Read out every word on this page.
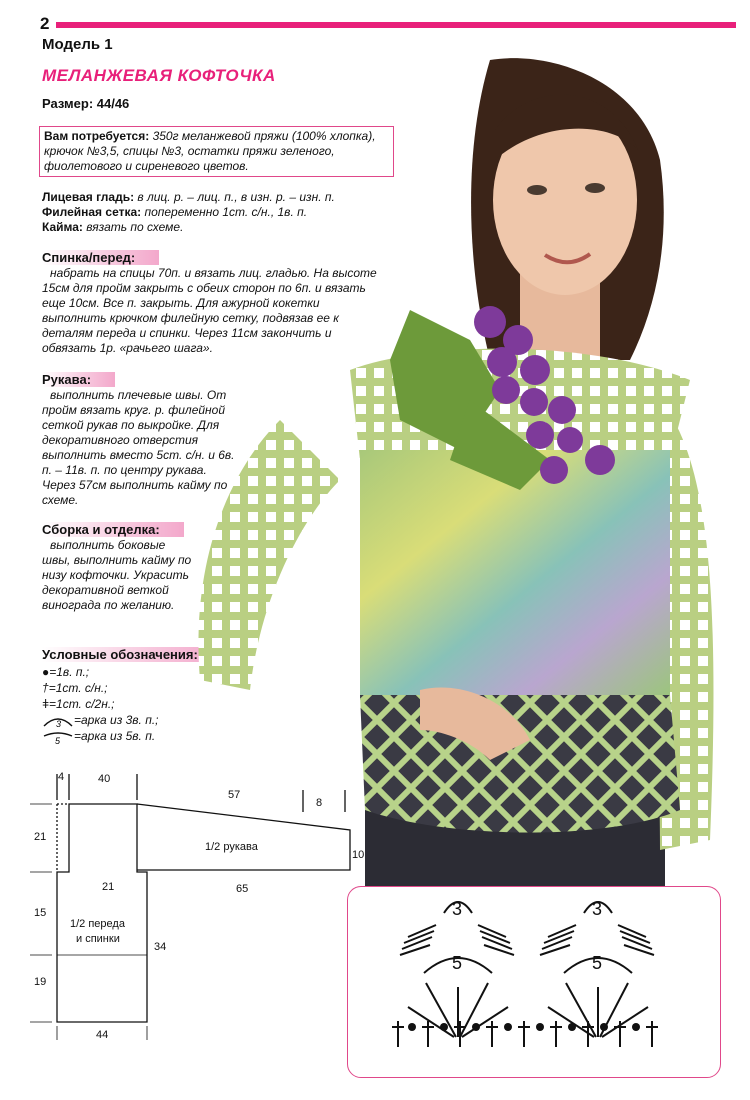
2
Модель 1
МЕЛАНЖЕВАЯ КОФТОЧКА
Размер: 44/46
Вам потребуется: 350г меланжевой пряжи (100% хлопка), крючок №3,5, спицы №3, остатки пряжи зеленого, фиолетового и сиреневого цветов.
Лицевая гладь: в лиц. р. – лиц. п., в изн. р. – изн. п.
Филейная сетка: попеременно 1ст. с/н., 1в. п.
Кайма: вязать по схеме.
Спинка/перед:
набрать на спицы 70п. и вязать лиц. гладью. На высоте 15см для пройм закрыть с обеих сторон по 6п. и вязать еще 10см. Все п. закрыть. Для ажурной кокетки выполнить крючком филейную сетку, подвязав ее к деталям переда и спинки. Через 11см закончить и обвязать 1р. «рачьего шага».
Рукава:
выполнить плечевые швы. От пройм вязать круг. р. филейной сеткой рукав по выкройке. Для декоративного отверстия выполнить вместо 5ст. с/н. и 6в. п. – 11в. п. по центру рукава. Через 57см выполнить кайму по схеме.
Сборка и отделка:
выполнить боковые швы, выполнить кайму по низу кофточки. Украсить декоративной веткой винограда по желанию.
Условные обозначения:
●=1в. п.;
†=1ст. с/н.;
ǂ=1ст. с/2н.;
3 =арка из 3в. п.;
5 =арка из 5в. п.
4	40
57
8
21
15
19
21	65
10
34
44
1/2 рукава
1/2 переда
и спинки
3
5
3
5
